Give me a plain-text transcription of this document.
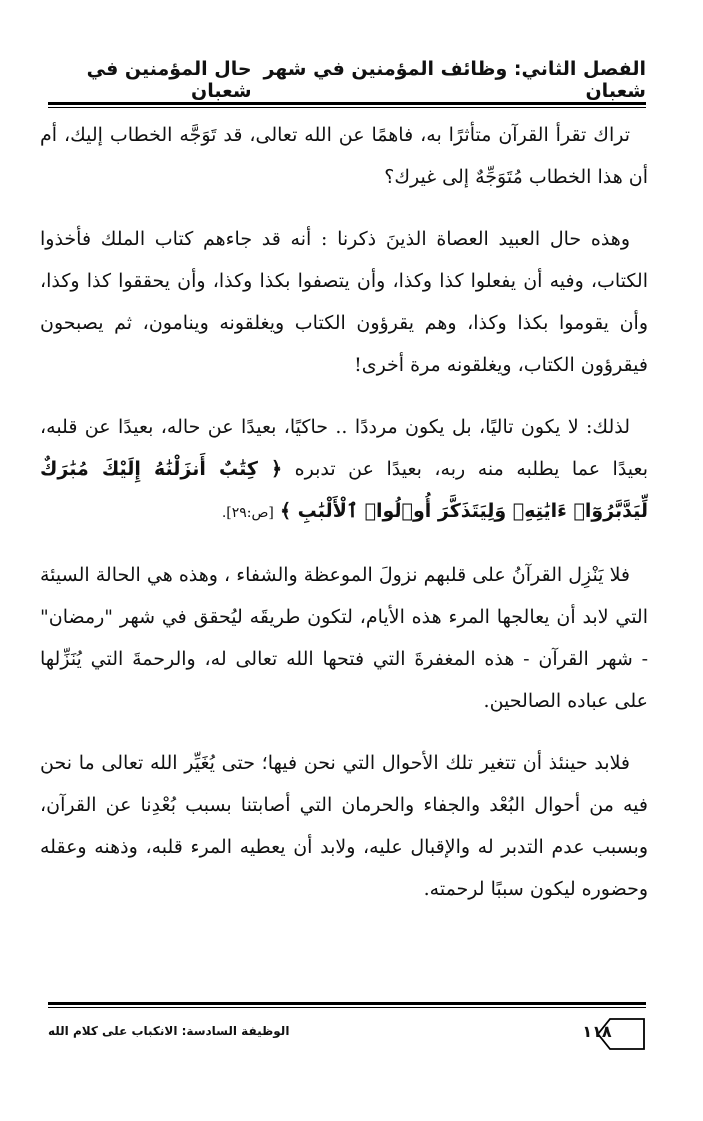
الفصل الثاني: وظائف المؤمنين في شهر شعبان
حال المؤمنين في شعبان

تراك تقرأ القرآن متأثرًا به، فاهمًا عن الله تعالى، قد تَوَجَّه الخطاب إليك، أم أن هذا الخطاب مُتَوَجِّهٌ إلى غيرك؟

وهذه حال العبيد العصاة الذينَ ذكرنا : أنه قد جاءهم كتاب الملك فأخذوا الكتاب، وفيه أن يفعلوا كذا وكذا، وأن يتصفوا بكذا وكذا، وأن يحققوا كذا وكذا، وأن يقوموا بكذا وكذا، وهم يقرؤون الكتاب ويغلقونه وينامون، ثم يصبحون فيقرؤون الكتاب، ويغلقونه مرة أخرى!

لذلك: لا يكون تاليًا، بل يكون مرددًا .. حاكيًا، بعيدًا عن حاله، بعيدًا عن قلبه، بعيدًا عما يطلبه منه ربه، بعيدًا عن تدبره ﴿ كِتَٰبٌ أَنزَلْنَٰهُ إِلَيْكَ مُبَٰرَكٌ لِّيَدَّبَّرُوٓا۟ ءَايَٰتِهِۦ وَلِيَتَذَكَّرَ أُو۟لُوا۟ ٱلْأَلْبَٰبِ ﴾ [ص:٢٩].

فلا يَنْزِل القرآنُ على قلبهم نزولَ الموعظة والشفاء ، وهذه هي الحالة السيئة التي لابد أن يعالجها المرء هذه الأيام، لتكون طريقَه ليُحقق في شهر "رمضان" - شهر القرآن - هذه المغفرةَ التي فتحها الله تعالى له، والرحمةَ التي يُنَزِّلها على عباده الصالحين.

فلابد حينئذ أن تتغير تلك الأحوال التي نحن فيها؛ حتى يُغَيِّر الله تعالى ما نحن فيه من أحوال البُعْد والجفاء والحرمان التي أصابتنا بسبب بُعْدِنا عن القرآن، وبسبب عدم التدبر له والإقبال عليه، ولابد أن يعطيه المرء قلبه، وذهنه وعقله وحضوره ليكون سببًا لرحمته.

١١٨
الوظيفة السادسة: الانكباب على كلام الله
